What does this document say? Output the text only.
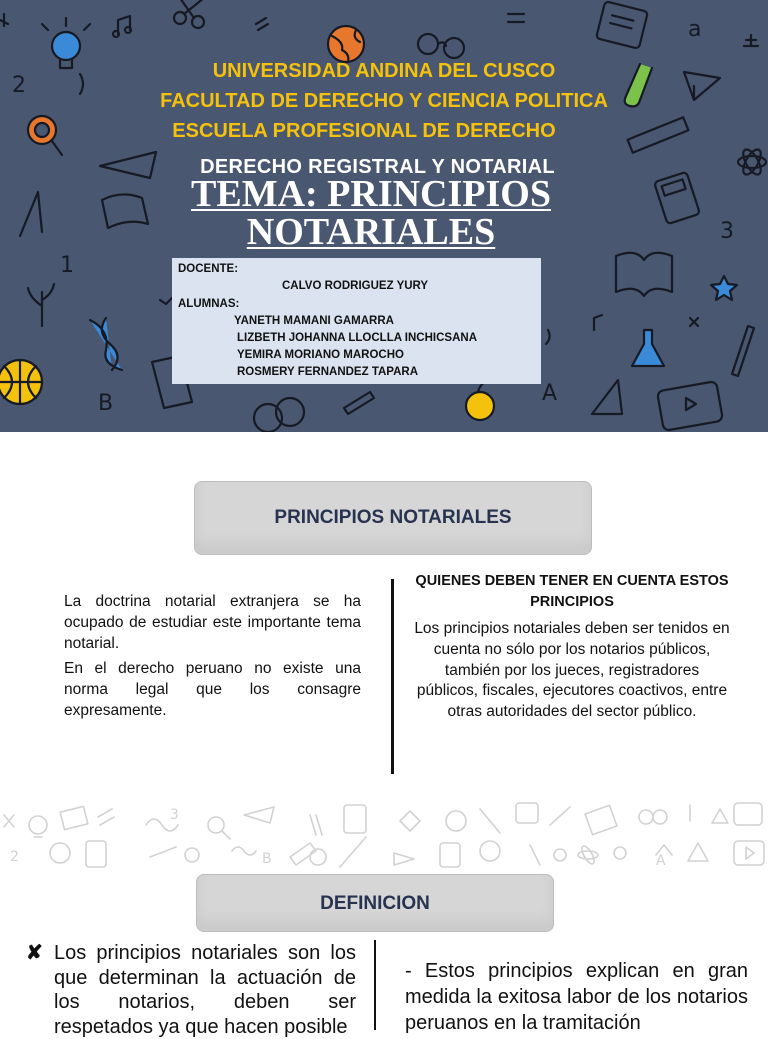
2
3
B	A
1
a
UNIVERSIDAD ANDINA DEL CUSCO
FACULTAD DE DERECHO Y CIENCIA POLITICA
ESCUELA PROFESIONAL DE DERECHO
DERECHO REGISTRAL Y NOTARIAL
TEMA: PRINCIPIOS
NOTARIALES
DOCENTE:
CALVO RODRIGUEZ YURY
ALUMNAS:
YANETH MAMANI GAMARRA
LIZBETH JOHANNA LLOCLLA INCHICSANA
YEMIRA MORIANO MAROCHO
ROSMERY FERNANDEZ TAPARA
PRINCIPIOS NOTARIALES
La doctrina notarial extranjera se ha ocupado de estudiar este importante tema notarial.
En el derecho peruano no existe una norma legal que los consagre expresamente.
QUIENES DEBEN TENER EN CUENTA ESTOS PRINCIPIOS
Los principios notariales deben ser tenidos en cuenta no sólo por los notarios públicos, también por los jueces, registradores públicos, fiscales, ejecutores coactivos, entre otras autoridades del sector público.
2
3
B	A
DEFINICION
✘ Los principios notariales son los que determinan la actuación de los notarios, deben ser respetados ya que hacen posible
- Estos principios explican en gran medida la exitosa labor de los notarios peruanos en la tramitación
